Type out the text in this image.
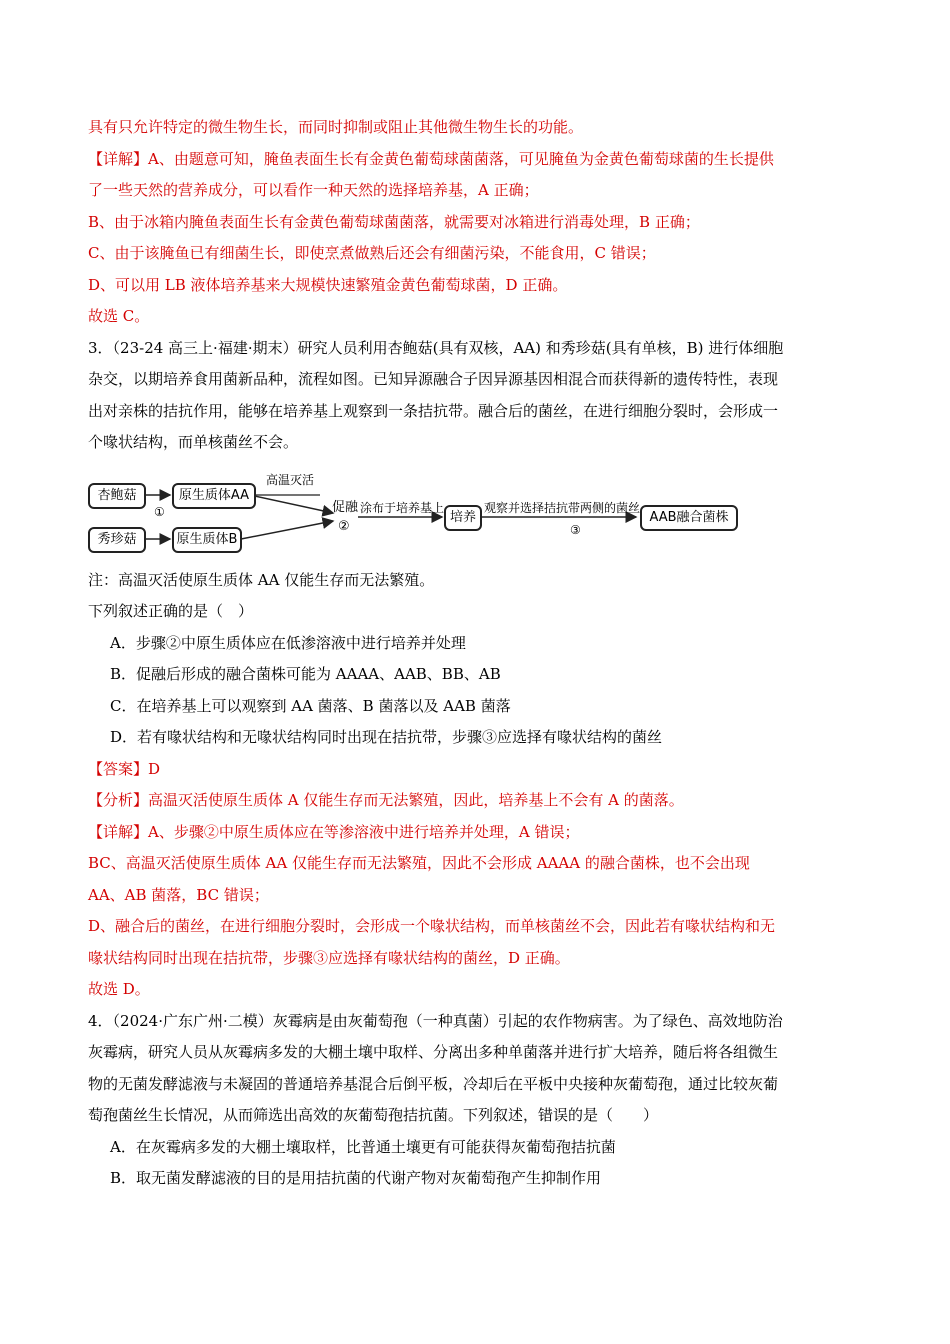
具有只允许特定的微生物生长，而同时抑制或阻止其他微生物生长的功能。
【详解】A、由题意可知，腌鱼表面生长有金黄色葡萄球菌菌落，可见腌鱼为金黄色葡萄球菌的生长提供
了一些天然的营养成分，可以看作一种天然的选择培养基，A 正确；
B、由于冰箱内腌鱼表面生长有金黄色葡萄球菌菌落，就需要对冰箱进行消毒处理，B 正确；
C、由于该腌鱼已有细菌生长，即使烹煮做熟后还会有细菌污染，不能食用，C 错误；
D、可以用 LB 液体培养基来大规模快速繁殖金黄色葡萄球菌，D 正确。
故选 C。
3．（23-24 高三上·福建·期末）研究人员利用杏鲍菇(具有双核，AA) 和秀珍菇(具有单核，B) 进行体细胞
杂交，以期培养食用菌新品种，流程如图。已知异源融合子因异源基因相混合而获得新的遗传特性，表现
出对亲株的拮抗作用，能够在培养基上观察到一条拮抗带。融合后的菌丝，在进行细胞分裂时，会形成一
个喙状结构，而单核菌丝不会。
杏鲍菇
秀珍菇
①
原生质体AA
原生质体B
高温灭活
促融
②
涂布于培养基上
培养
观察并选择拮抗带两侧的菌丝
③
AAB融合菌株
注：高温灭活使原生质体 AA 仅能生存而无法繁殖。
下列叙述正确的是（　）
A．步骤②中原生质体应在低渗溶液中进行培养并处理
B．促融后形成的融合菌株可能为 AAAA、AAB、BB、AB
C．在培养基上可以观察到 AA 菌落、B 菌落以及 AAB 菌落
D．若有喙状结构和无喙状结构同时出现在拮抗带，步骤③应选择有喙状结构的菌丝
【答案】D
【分析】高温灭活使原生质体 A 仅能生存而无法繁殖，因此，培养基上不会有 A 的菌落。
【详解】A、步骤②中原生质体应在等渗溶液中进行培养并处理，A 错误；
BC、高温灭活使原生质体 AA 仅能生存而无法繁殖，因此不会形成 AAAA 的融合菌株，也不会出现
AA、AB 菌落，BC 错误；
D、融合后的菌丝，在进行细胞分裂时，会形成一个喙状结构，而单核菌丝不会，因此若有喙状结构和无
喙状结构同时出现在拮抗带，步骤③应选择有喙状结构的菌丝，D 正确。
故选 D。
4．（2024·广东广州·二模）灰霉病是由灰葡萄孢（一种真菌）引起的农作物病害。为了绿色、高效地防治
灰霉病，研究人员从灰霉病多发的大棚土壤中取样、分离出多种单菌落并进行扩大培养，随后将各组微生
物的无菌发酵滤液与未凝固的普通培养基混合后倒平板，冷却后在平板中央接种灰葡萄孢，通过比较灰葡
萄孢菌丝生长情况，从而筛选出高效的灰葡萄孢拮抗菌。下列叙述，错误的是（　　）
A．在灰霉病多发的大棚土壤取样，比普通土壤更有可能获得灰葡萄孢拮抗菌
B．取无菌发酵滤液的目的是用拮抗菌的代谢产物对灰葡萄孢产生抑制作用
